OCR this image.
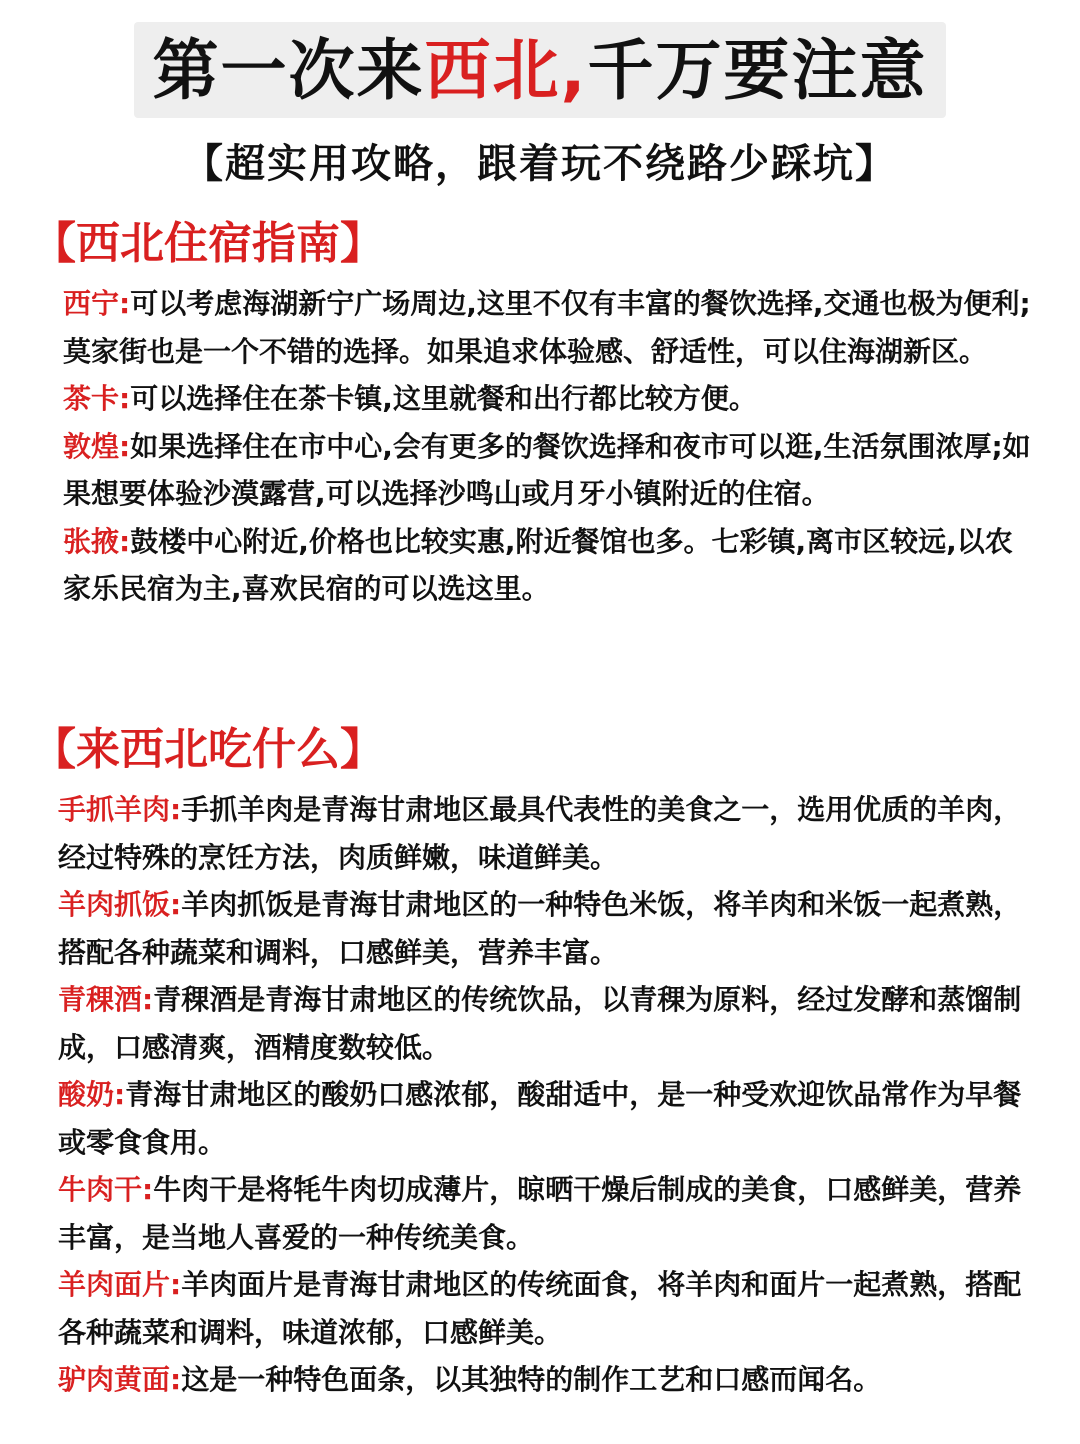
第一次来西北,千万要注意
【超实用攻略，跟着玩不绕路少踩坑】
【西北住宿指南】
西宁:可以考虑海湖新宁广场周边,这里不仅有丰富的餐饮选择,交通也极为便利;莫家街也是一个不错的选择。如果追求体验感、舒适性，可以住海湖新区。
茶卡:可以选择住在茶卡镇,这里就餐和出行都比较方便。
敦煌:如果选择住在市中心,会有更多的餐饮选择和夜市可以逛,生活氛围浓厚;如果想要体验沙漠露营,可以选择沙鸣山或月牙小镇附近的住宿。
张掖:鼓楼中心附近,价格也比较实惠,附近餐馆也多。七彩镇,离市区较远,以农家乐民宿为主,喜欢民宿的可以选这里。
【来西北吃什么】
手抓羊肉:手抓羊肉是青海甘肃地区最具代表性的美食之一，选用优质的羊肉，经过特殊的烹饪方法，肉质鲜嫩，味道鲜美。
羊肉抓饭:羊肉抓饭是青海甘肃地区的一种特色米饭，将羊肉和米饭一起煮熟，搭配各种蔬菜和调料，口感鲜美，营养丰富。
青稞酒:青稞酒是青海甘肃地区的传统饮品，以青稞为原料，经过发酵和蒸馏制成，口感清爽，酒精度数较低。
酸奶:青海甘肃地区的酸奶口感浓郁，酸甜适中，是一种受欢迎饮品常作为早餐或零食食用。
牛肉干:牛肉干是将牦牛肉切成薄片，晾晒干燥后制成的美食，口感鲜美，营养丰富，是当地人喜爱的一种传统美食。
羊肉面片:羊肉面片是青海甘肃地区的传统面食，将羊肉和面片一起煮熟，搭配各种蔬菜和调料，味道浓郁，口感鲜美。
驴肉黄面:这是一种特色面条，以其独特的制作工艺和口感而闻名。
